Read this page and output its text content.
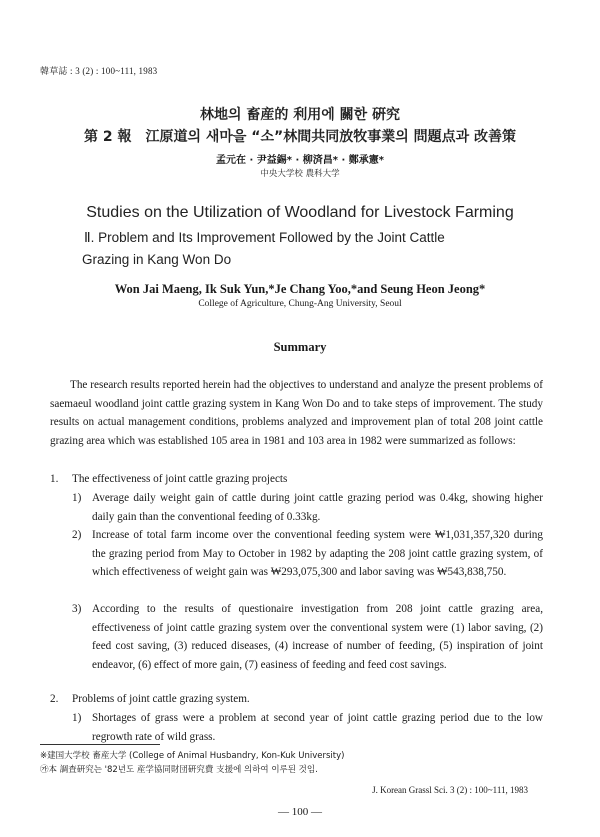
韓草誌 : 3 (2) : 100~111, 1983
林地의 畜産的 利用에 關한 硏究
第 2 報　江原道의 새마을 “소”林間共同放牧事業의 問題点과 改善策
孟元在 · 尹益錫* · 柳済昌* · 鄭承憲*
中央大学校 農科大学
Studies on the Utilization of Woodland for Livestock Farming
Ⅱ. Problem and Its Improvement Followed by the Joint Cattle
Grazing in Kang Won Do
Won Jai Maeng, Ik Suk Yun,*Je Chang Yoo,*and Seung Heon Jeong*
College of Agriculture, Chung-Ang University, Seoul
Summary

The research results reported herein had the objectives to understand and analyze the present problems of saemaeul woodland joint cattle grazing system in Kang Won Do and to take steps of improvement. The study results on actual management conditions, problems analyzed and improvement plan of total 208 joint cattle grazing area which was established 105 area in 1981 and 103 area in 1982 were summarized as follows:

1. The effectiveness of joint cattle grazing projects
1) Average daily weight gain of cattle during joint cattle grazing period was 0.4kg, showing higher daily gain than the conventional feeding of 0.33kg.
2) Increase of total farm income over the conventional feeding system were ₩1,031,357,320 during the grazing period from May to October in 1982 by adapting the 208 joint cattle grazing system, of which effectiveness of weight gain was ₩293,075,300 and labor saving was ₩543,838,750.
3) According to the results of questionaire investigation from 208 joint cattle grazing area, effectiveness of joint cattle grazing system over the conventional system were (1) labor saving, (2) feed cost saving, (3) reduced diseases, (4) increase of number of feeding, (5) inspiration of joint endeavor, (6) effect of more gain, (7) easiness of feeding and feed cost savings.
2. Problems of joint cattle grazing system.
1) Shortages of grass were a problem at second year of joint cattle grazing period due to the low regrowth rate of wild grass.
※建国大学校 畜産大学 (College of Animal Husbandry, Kon-Kuk University)
㉮本 調査硏究는 '82년도 産学協同財団硏究費 支援에 의하여 이루된 것임.
J. Korean Grassl Sci. 3 (2) : 100~111, 1983
— 100 —
